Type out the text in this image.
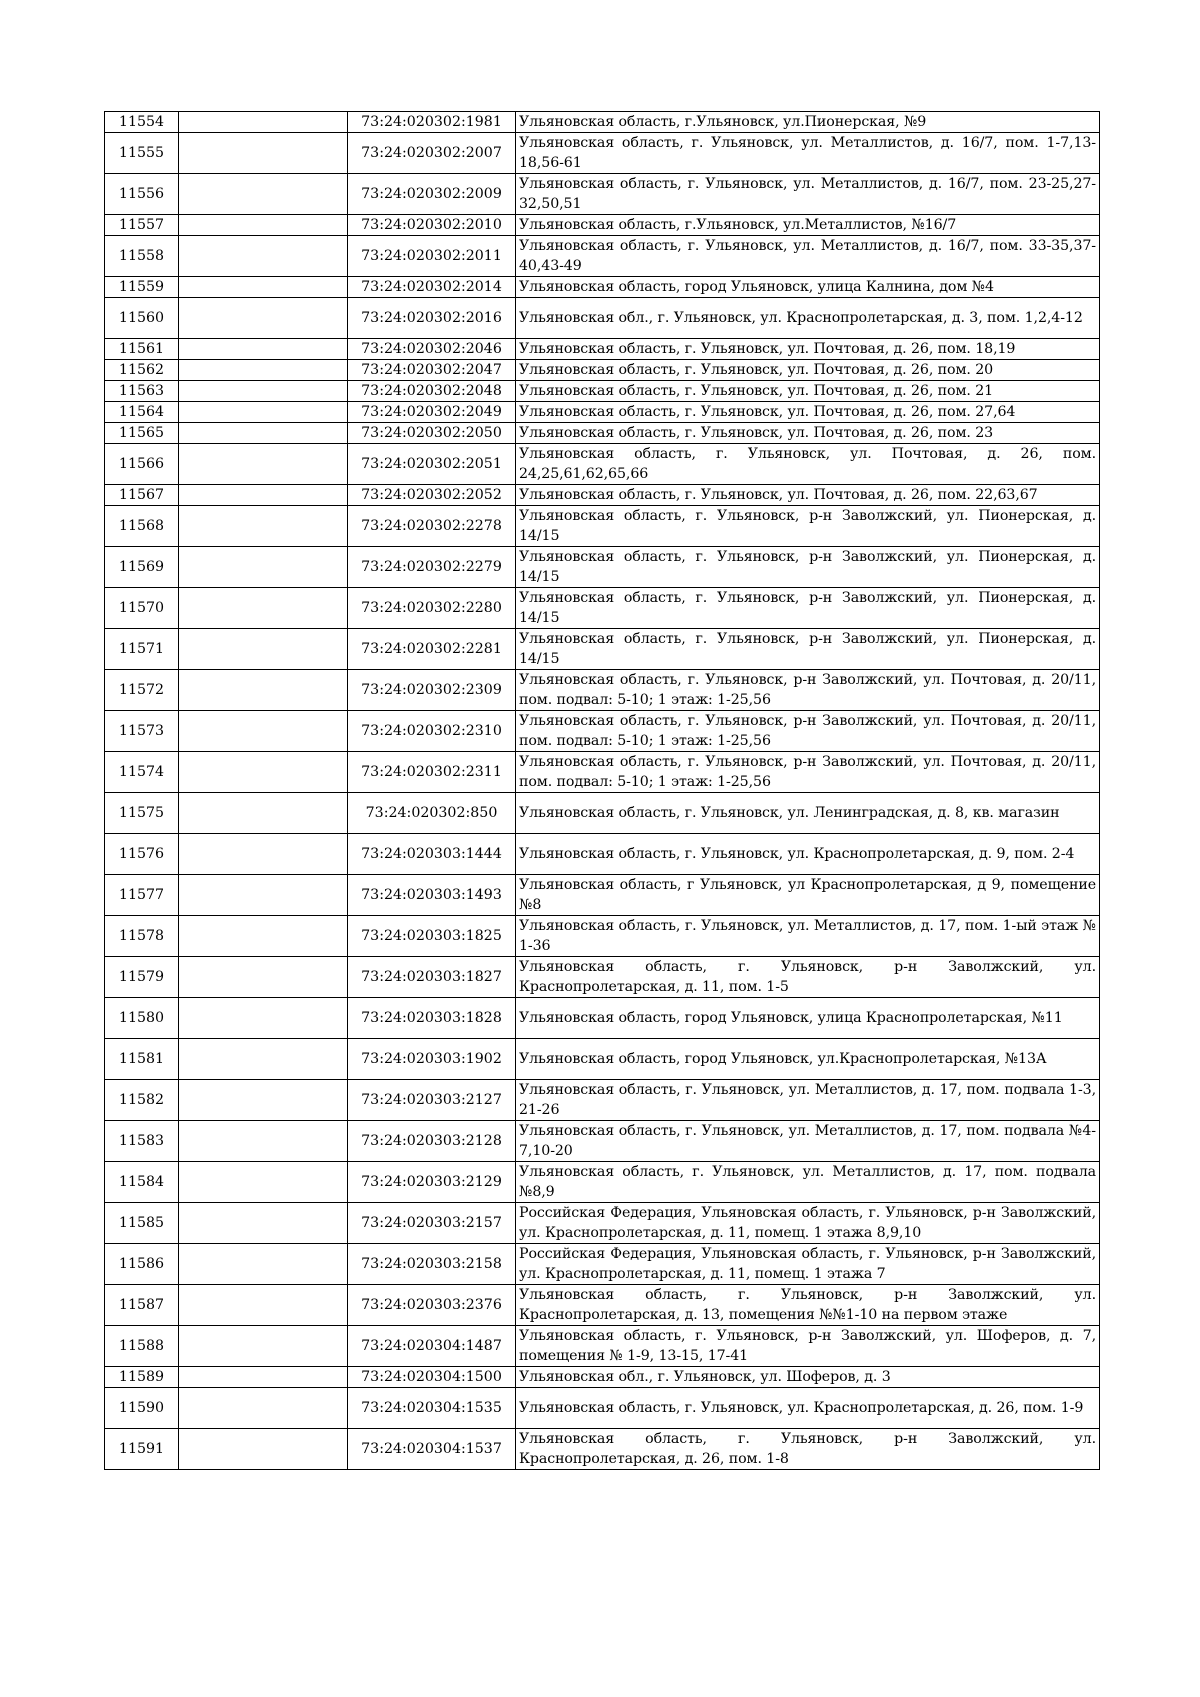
11554		73:24:020302:1981	Ульяновская область, г.Ульяновск, ул.Пионерская, №9
11555		73:24:020302:2007	Ульяновская область, г. Ульяновск, ул. Металлистов, д. 16/7, пом. 1-7,13-18,56-61
11556		73:24:020302:2009	Ульяновская область, г. Ульяновск, ул. Металлистов, д. 16/7, пом. 23-25,27-32,50,51
11557		73:24:020302:2010	Ульяновская область, г.Ульяновск, ул.Металлистов, №16/7
11558		73:24:020302:2011	Ульяновская область, г. Ульяновск, ул. Металлистов, д. 16/7, пом. 33-35,37-40,43-49
11559		73:24:020302:2014	Ульяновская область, город Ульяновск, улица Калнина, дом №4
11560		73:24:020302:2016	Ульяновская обл., г. Ульяновск, ул. Краснопролетарская, д. 3, пом. 1,2,4-12
11561		73:24:020302:2046	Ульяновская область, г. Ульяновск, ул. Почтовая, д. 26, пом. 18,19
11562		73:24:020302:2047	Ульяновская область, г. Ульяновск, ул. Почтовая, д. 26, пом. 20
11563		73:24:020302:2048	Ульяновская область, г. Ульяновск, ул. Почтовая, д. 26, пом. 21
11564		73:24:020302:2049	Ульяновская область, г. Ульяновск, ул. Почтовая, д. 26, пом. 27,64
11565		73:24:020302:2050	Ульяновская область, г. Ульяновск, ул. Почтовая, д. 26, пом. 23
11566		73:24:020302:2051	Ульяновская область, г. Ульяновск, ул. Почтовая, д. 26, пом. 24,25,61,62,65,66
11567		73:24:020302:2052	Ульяновская область, г. Ульяновск, ул. Почтовая, д. 26, пом. 22,63,67
11568		73:24:020302:2278	Ульяновская область, г. Ульяновск, р-н Заволжский, ул. Пионерская, д. 14/15
11569		73:24:020302:2279	Ульяновская область, г. Ульяновск, р-н Заволжский, ул. Пионерская, д. 14/15
11570		73:24:020302:2280	Ульяновская область, г. Ульяновск, р-н Заволжский, ул. Пионерская, д. 14/15
11571		73:24:020302:2281	Ульяновская область, г. Ульяновск, р-н Заволжский, ул. Пионерская, д. 14/15
11572		73:24:020302:2309	Ульяновская область, г. Ульяновск, р-н Заволжский, ул. Почтовая, д. 20/11, пом. подвал: 5-10; 1 этаж: 1-25,56
11573		73:24:020302:2310	Ульяновская область, г. Ульяновск, р-н Заволжский, ул. Почтовая, д. 20/11, пом. подвал: 5-10; 1 этаж: 1-25,56
11574		73:24:020302:2311	Ульяновская область, г. Ульяновск, р-н Заволжский, ул. Почтовая, д. 20/11, пом. подвал: 5-10; 1 этаж: 1-25,56
11575		73:24:020302:850	Ульяновская область, г. Ульяновск, ул. Ленинградская, д. 8, кв. магазин
11576		73:24:020303:1444	Ульяновская область, г. Ульяновск, ул. Краснопролетарская, д. 9, пом. 2-4
11577		73:24:020303:1493	Ульяновская область, г Ульяновск, ул Краснопролетарская, д 9, помещение №8
11578		73:24:020303:1825	Ульяновская область, г. Ульяновск, ул. Металлистов, д. 17, пом. 1-ый этаж № 1-36
11579		73:24:020303:1827	Ульяновская область, г. Ульяновск, р-н Заволжский, ул. Краснопролетарская, д. 11, пом. 1-5
11580		73:24:020303:1828	Ульяновская область, город Ульяновск, улица Краснопролетарская, №11
11581		73:24:020303:1902	Ульяновская область, город Ульяновск, ул.Краснопролетарская, №13А
11582		73:24:020303:2127	Ульяновская область, г. Ульяновск, ул. Металлистов, д. 17, пом. подвала 1-3, 21-26
11583		73:24:020303:2128	Ульяновская область, г. Ульяновск, ул. Металлистов, д. 17, пом. подвала №4-7,10-20
11584		73:24:020303:2129	Ульяновская область, г. Ульяновск, ул. Металлистов, д. 17, пом. подвала №8,9
11585		73:24:020303:2157	Российская Федерация, Ульяновская область, г. Ульяновск, р-н Заволжский, ул. Краснопролетарская, д. 11, помещ. 1 этажа 8,9,10
11586		73:24:020303:2158	Российская Федерация, Ульяновская область, г. Ульяновск, р-н Заволжский, ул. Краснопролетарская, д. 11, помещ. 1 этажа 7
11587		73:24:020303:2376	Ульяновская область, г. Ульяновск, р-н Заволжский, ул. Краснопролетарская, д. 13, помещения №№1-10 на первом этаже
11588		73:24:020304:1487	Ульяновская область, г. Ульяновск, р-н Заволжский, ул. Шоферов, д. 7, помещения № 1-9, 13-15, 17-41
11589		73:24:020304:1500	Ульяновская обл., г. Ульяновск, ул. Шоферов, д. 3
11590		73:24:020304:1535	Ульяновская область, г. Ульяновск, ул. Краснопролетарская, д. 26, пом. 1-9
11591		73:24:020304:1537	Ульяновская область, г. Ульяновск, р-н Заволжский, ул. Краснопролетарская, д. 26, пом. 1-8
